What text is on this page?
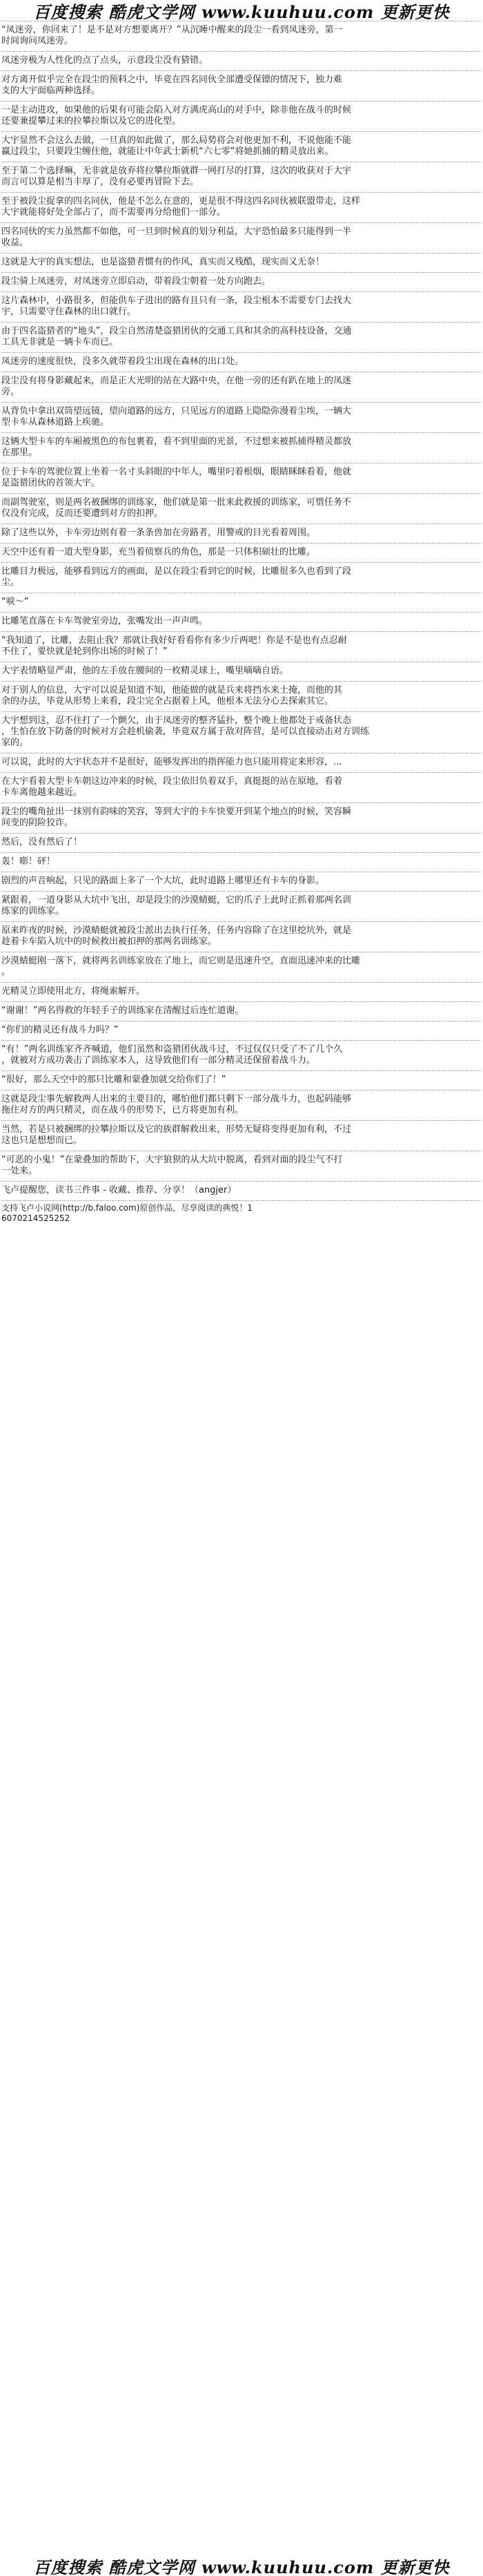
百度搜索 酷虎文学网 www.kuuhuu.com 更新更快
“凤迷旁，你回来了！是不是对方想要离开？”从沉睡中醒来的段尘一看到凤迷旁，第一
时间询问凤迷旁。
凤迷旁极为人性化的点了点头，示意段尘没有猜错。
对方离开似乎完全在段尘的预料之中，毕竟在四名同伙全部遭受保镖的情况下，独力难
支的大宇面临两种选择。
一是主动进攻，如果他的后果有可能会陷入对方满虎高山的对手中，除非他在战斗的时候
还要兼提攀过来的拉攀拉斯以及它的进化型。
大宇显然不会这么去做，一旦真的如此做了，那么局势将会对他更加不利，不说他能不能
赢过段尘，只要段尘缠住他，就能让中年武士新机“六七零”将她抓捕的精灵放出来。
至于第二个选择嘛，无非就是放弃将拉攀拉斯就群一网打尽的打算，这次的收获对于大宇
而言可以算是相当丰厚了，没有必要再冒险下去。
至于被段尘捉拿的四名同伙，他是不怎么在意的，更是很不得这四名同伙被联盟带走，这样
大宇就能将好处全部占了，而不需要再分给他们一部分。
四名同伙的实力虽然都不如他，可一旦到时候真的划分利益，大宇恐怕最多只能得到一半
收益。
这就是大宇的真实想法，也是盗猎者惯有的作风，真实而又残酷，现实而又无奈！
段尘骑上凤迷旁，对凤迷旁立即启动，带着段尘朝着一处方向跑去。
这片森林中，小路很多，但能供车子进出的路有且只有一条，段尘根本不需要专门去找大
宇，只需要守住森林的出口就行。
由于四名盗猎者的“地头”，段尘自然清楚盗猎团伙的交通工具和其余的高科技设备，交通
工具无非就是一辆卡车而已。
凤迷旁的速度很快，没多久就带着段尘出现在森林的出口处。
段尘没有将身影藏起来，而是正大光明的站在大路中央，在他一旁的还有趴在地上的凤迷
旁。
从背负中拿出双筒望远镜，望向道路的远方，只见远方的道路上隐隐弥漫着尘埃，一辆大
型卡车从森林道路上疾驰。
这辆大型卡车的车厢被黑色的布包裹着，看不到里面的光景，不过想来被抓捕得精灵都放
在那里。
位于卡车的驾驶位置上坐着一名寸头斜眼的中年人，嘴里叼着根烟，眼睛眯眯看着，他就
是盗猎团伙的首领大宇。
而副驾驶室，则是两名被捆绑的训练家，他们就是第一批来此救援的训练家，可惜任务不
仅没有完成，反而还要遭到对方的扣押。
除了这些以外，卡车旁边则有着一条条兽加在旁路者，用警戒的目光看着周围。
天空中还有着一道大型身影，充当着侦察兵的角色，那是一只体积硕壮的比雕。
比雕目力极远，能够看到远方的画面，是以在段尘看到它的时候，比雕很多久也看到了段
尘。
“唳～”
比雕笔直落在卡车驾驶室旁边，张嘴发出一声声鸣。
“我知道了，比雕，去阻止我？那就让我好好看看你有多少斤两吧！你是不是也有点忍耐
不住了，要快就是轮到你出场的时候了！”
大宇表情略显严肃，他的左手放在腰间的一枚精灵球上，嘴里嘀嘀自语。
对于别人的信息，大宇可以说是知道不知，他能做的就是兵来将挡水来土掩，而他的其
余的办法，毕竟从形势上来看，段尘完全占据着上风，他根本无法分心去探索其它。
大宇想到这，忍不住打了一个颤欠，由于凤迷旁的整齐猛扑，整个晚上他都处于戒备状态
，生怕在放下防备的时候对方会趁机偷袭，毕竟双方属于敌对阵营，是可以直接动击对方训练
家的。
可以说，此时的大宇状态并不是很好，能够发挥出的指挥能力也只能用将定来形容，...
在大宇看着大型卡车朝这边冲来的时候，段尘依旧负着双手，真挺挺的站在原地，看着
卡车离他越来越近。
段尘的嘴角扯出一抹别有韵味的笑容，等到大宇的卡车快要开到某个地点的时候，笑容瞬
间变的阴险狡诈。
然后，没有然后了！
轰！嘭！砰！
剧烈的声音响起，只见的路面上多了一个大坑，此时道路上哪里还有卡车的身影。
紧跟着，一道身影从大坑中飞出，却是段尘的沙漠蜻蜓，它的爪子上此时正抓着那两名训
练家的训练家。
原来昨夜的时候，沙漠蜻蜓就被段尘派出去执行任务，任务内容除了在这里挖坑外，就是
趁着卡车陷入坑中的时候救出被扣押的那两名训练家。
沙漠蜻蜓刚一落下，就将两名训练家放在了地上，而它则是迅速升空，直面迅速冲来的比雕
。
光精灵立即使用北方，将绳索解开。
“谢谢！”两名得救的年轻手子的训练家在清醒过后连忙道谢。
“你们的精灵还有战斗力吗？”
“有！”两名训练家齐齐喊道，他们虽然和盗猎团伙战斗过，不过仅仅只受了不了几个久
，就被对方成功袭击了训练家本人，这导致他们有一部分精灵还保留着战斗力。
“很好，那么天空中的那只比雕和蒙叠加就交给你们了！”
这就是段尘事先解救两人出来的主要目的，哪怕他们都只剩下一部分战斗力，也起码能够
拖住对方的两只精灵，而在战斗的形势下，已方将更加有利。
当然，若是只被捆绑的拉攀拉斯以及它的族群解救出来，形势无疑将变得更加有利，不过
这也只是想想而已。
“可恶的小鬼！”在蒙叠加的帮助下，大宇狼狈的从大坑中脱离，看到对面的段尘气不打
一处来。
飞卢提醒您，读书三件事 - 收藏、推荐、分享！（angjer）
支持飞卢小说网(http://b.faloo.com)原创作品，尽享阅读的典悦！1
6070214525252
百度搜索 酷虎文学网 www.kuuhuu.com 更新更快
